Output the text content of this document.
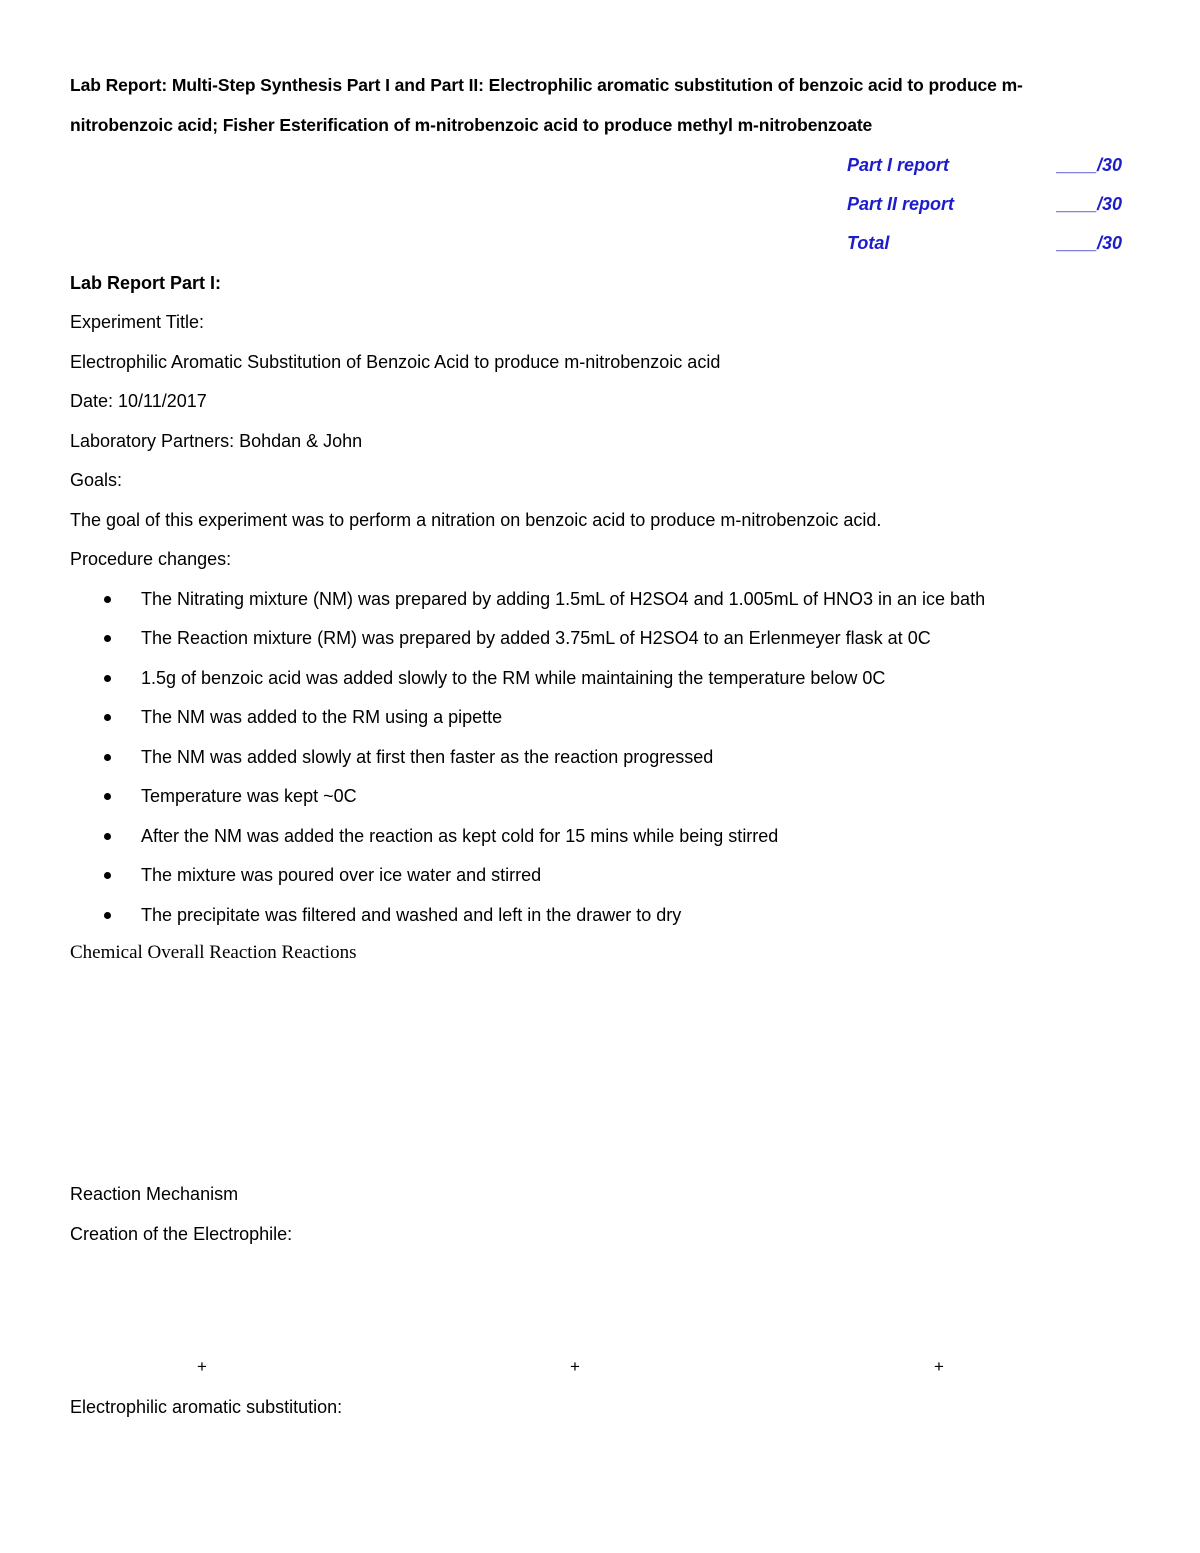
Lab Report: Multi-Step Synthesis Part I and Part II: Electrophilic aromatic substitution of benzoic acid to produce m-
nitrobenzoic acid; Fisher Esterification of m-nitrobenzoic acid to produce methyl m-nitrobenzoate
Part I report	____/30
Part II report	____/30
Total	____/30
Lab Report Part I:
Experiment Title:
Electrophilic Aromatic Substitution of Benzoic Acid to produce m-nitrobenzoic acid
Date: 10/11/2017
Laboratory Partners: Bohdan & John
Goals:
The goal of this experiment was to perform a nitration on benzoic acid to produce m-nitrobenzoic acid.
Procedure changes:
The Nitrating mixture (NM) was prepared by adding 1.5mL of H2SO4 and 1.005mL of HNO3 in an ice bath
The Reaction mixture (RM) was prepared by added 3.75mL of H2SO4 to an Erlenmeyer flask at 0C
1.5g of benzoic acid was added slowly to the RM while maintaining the temperature below 0C
The NM was added to the RM using a pipette
The NM was added slowly at first then faster as the reaction progressed
Temperature was kept ~0C
After the NM was added the reaction as kept cold for 15 mins while being stirred
The mixture was poured over ice water and stirred
The precipitate was filtered and washed and left in the drawer to dry
Chemical Overall Reaction Reactions
Reaction Mechanism
Creation of the Electrophile:
+	+	+
Electrophilic aromatic substitution:
